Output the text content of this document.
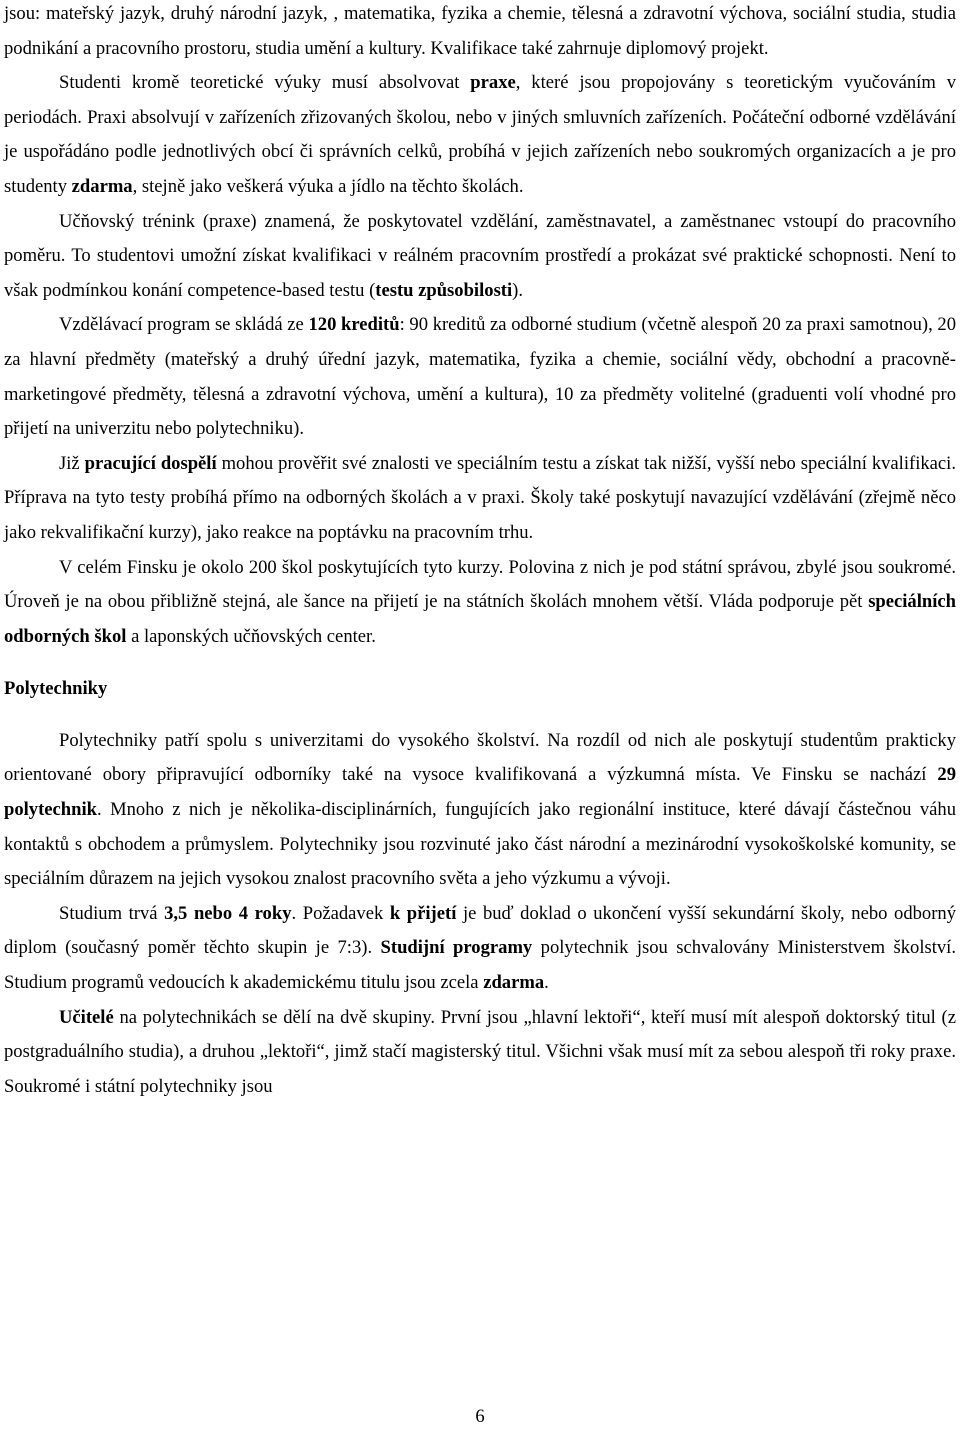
jsou: mateřský jazyk, druhý národní jazyk, , matematika, fyzika a chemie, tělesná a zdravotní výchova, sociální studia, studia podnikání a pracovního prostoru, studia umění a kultury. Kvalifikace také zahrnuje diplomový projekt.

Studenti kromě teoretické výuky musí absolvovat praxe, které jsou propojovány s teoretickým vyučováním v periodách. Praxi absolvují v zařízeních zřizovaných školou, nebo v jiných smluvních zařízeních. Počáteční odborné vzdělávání je uspořádáno podle jednotlivých obcí či správních celků, probíhá v jejich zařízeních nebo soukromých organizacích a je pro studenty zdarma, stejně jako veškerá výuka a jídlo na těchto školách.

Učňovský trénink (praxe) znamená, že poskytovatel vzdělání, zaměstnavatel, a zaměstnanec vstoupí do pracovního poměru. To studentovi umožní získat kvalifikaci v reálném pracovním prostředí a prokázat své praktické schopnosti. Není to však podmínkou konání competence-based testu (testu způsobilosti).

Vzdělávací program se skládá ze 120 kreditů: 90 kreditů za odborné studium (včetně alespoň 20 za praxi samotnou), 20 za hlavní předměty (mateřský a druhý úřední jazyk, matematika, fyzika a chemie, sociální vědy, obchodní a pracovně-marketingové předměty, tělesná a zdravotní výchova, umění a kultura), 10 za předměty volitelné (graduenti volí vhodné pro přijetí na univerzitu nebo polytechniku).

Již pracující dospělí mohou prověřit své znalosti ve speciálním testu a získat tak nižší, vyšší nebo speciální kvalifikaci. Příprava na tyto testy probíhá přímo na odborných školách a v praxi. Školy také poskytují navazující vzdělávání (zřejmě něco jako rekvalifikační kurzy), jako reakce na poptávku na pracovním trhu.

V celém Finsku je okolo 200 škol poskytujících tyto kurzy. Polovina z nich je pod státní správou, zbylé jsou soukromé. Úroveň je na obou přibližně stejná, ale šance na přijetí je na státních školách mnohem větší. Vláda podporuje pět speciálních odborných škol a laponských učňovských center.

Polytechniky

Polytechniky patří spolu s univerzitami do vysokého školství. Na rozdíl od nich ale poskytují studentům prakticky orientované obory připravující odborníky také na vysoce kvalifikovaná a výzkumná místa. Ve Finsku se nachází 29 polytechnik. Mnoho z nich je několika-disciplinárních, fungujících jako regionální instituce, které dávají částečnou váhu kontaktů s obchodem a průmyslem. Polytechniky jsou rozvinuté jako část národní a mezinárodní vysokoškolské komunity, se speciálním důrazem na jejich vysokou znalost pracovního světa a jeho výzkumu a vývoji.

Studium trvá 3,5 nebo 4 roky. Požadavek k přijetí je buď doklad o ukončení vyšší sekundární školy, nebo odborný diplom (současný poměr těchto skupin je 7:3). Studijní programy polytechnik jsou schvalovány Ministerstvem školství. Studium programů vedoucích k akademickému titulu jsou zcela zdarma.

Učitelé na polytechnikách se dělí na dvě skupiny. První jsou „hlavní lektoři“, kteří musí mít alespoň doktorský titul (z postgraduálního studia), a druhou „lektoři“, jimž stačí magisterský titul. Všichni však musí mít za sebou alespoň tři roky praxe. Soukromé i státní polytechniky jsou

6
